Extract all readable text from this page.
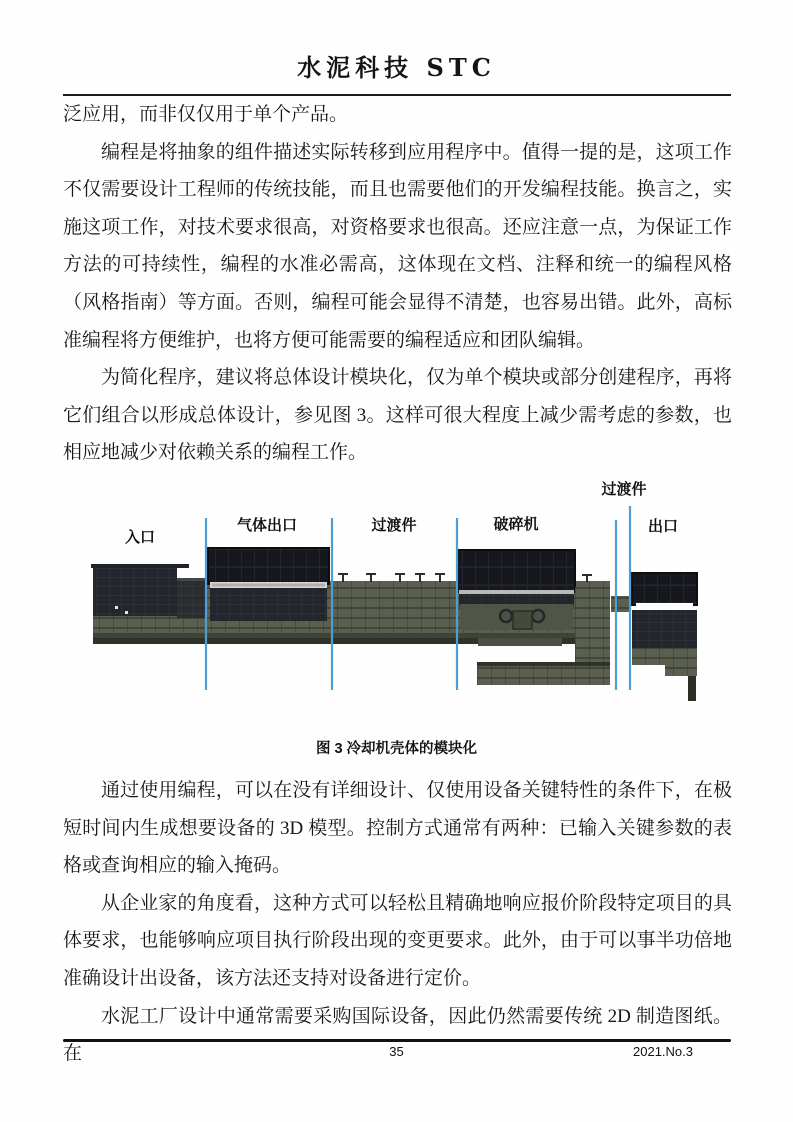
水泥科技 STC

泛应用，而非仅仅用于单个产品。

编程是将抽象的组件描述实际转移到应用程序中。值得一提的是，这项工作不仅需要设计工程师的传统技能，而且也需要他们的开发编程技能。换言之，实施这项工作，对技术要求很高，对资格要求也很高。还应注意一点，为保证工作方法的可持续性，编程的水准必需高，这体现在文档、注释和统一的编程风格（风格指南）等方面。否则，编程可能会显得不清楚，也容易出错。此外，高标准编程将方便维护，也将方便可能需要的编程适应和团队编辑。

为简化程序，建议将总体设计模块化，仅为单个模块或部分创建程序，再将它们组合以形成总体设计，参见图 3。这样可很大程度上减少需考虑的参数，也相应地减少对依赖关系的编程工作。

入口
气体出口	过渡件	破碎机
过渡件
出口
图 3 冷却机壳体的模块化

通过使用编程，可以在没有详细设计、仅使用设备关键特性的条件下，在极短时间内生成想要设备的 3D 模型。控制方式通常有两种：已输入关键参数的表格或查询相应的输入掩码。

从企业家的角度看，这种方式可以轻松且精确地响应报价阶段特定项目的具体要求，也能够响应项目执行阶段出现的变更要求。此外，由于可以事半功倍地准确设计出设备，该方法还支持对设备进行定价。

水泥工厂设计中通常需要采购国际设备，因此仍然需要传统 2D 制造图纸。在	35	2021.No.3
